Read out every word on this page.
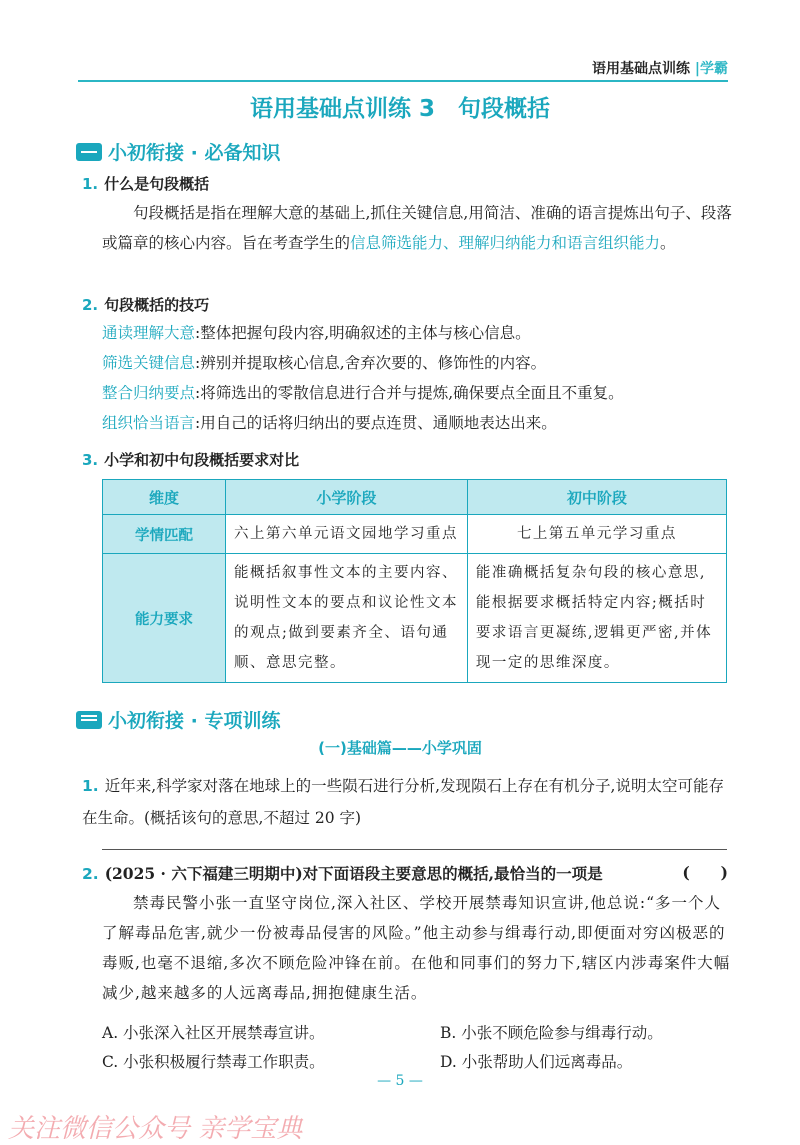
语用基础点训练 |学霸
语用基础点训练 3　句段概括
小初衔接 · 必备知识
1. 什么是句段概括
句段概括是指在理解大意的基础上,抓住关键信息,用简洁、准确的语言提炼出句子、段落或篇章的核心内容。旨在考查学生的信息筛选能力、理解归纳能力和语言组织能力。
2. 句段概括的技巧
通读理解大意:整体把握句段内容,明确叙述的主体与核心信息。
筛选关键信息:辨别并提取核心信息,舍弃次要的、修饰性的内容。
整合归纳要点:将筛选出的零散信息进行合并与提炼,确保要点全面且不重复。
组织恰当语言:用自己的话将归纳出的要点连贯、通顺地表达出来。
3. 小学和初中句段概括要求对比
维度	小学阶段	初中阶段
学情匹配	六上第六单元语文园地学习重点	七上第五单元学习重点
能力要求	能概括叙事性文本的主要内容、说明性文本的要点和议论性文本的观点;做到要素齐全、语句通顺、意思完整。	能准确概括复杂句段的核心意思,能根据要求概括特定内容;概括时要求语言更凝练,逻辑更严密,并体现一定的思维深度。
小初衔接 · 专项训练
(一)基础篇——小学巩固
1. 近年来,科学家对落在地球上的一些陨石进行分析,发现陨石上存在有机分子,说明太空可能存在生命。(概括该句的意思,不超过 20 字)
2. (2025 · 六下福建三明期中)对下面语段主要意思的概括,最恰当的一项是	(　　)
禁毒民警小张一直坚守岗位,深入社区、学校开展禁毒知识宣讲,他总说:“多一个人了解毒品危害,就少一份被毒品侵害的风险。”他主动参与缉毒行动,即便面对穷凶极恶的毒贩,也毫不退缩,多次不顾危险冲锋在前。在他和同事们的努力下,辖区内涉毒案件大幅减少,越来越多的人远离毒品,拥抱健康生活。
A. 小张深入社区开展禁毒宣讲。	B. 小张不顾危险参与缉毒行动。
C. 小张积极履行禁毒工作职责。	D. 小张帮助人们远离毒品。
— 5 —
关注微信公众号 亲学宝典
